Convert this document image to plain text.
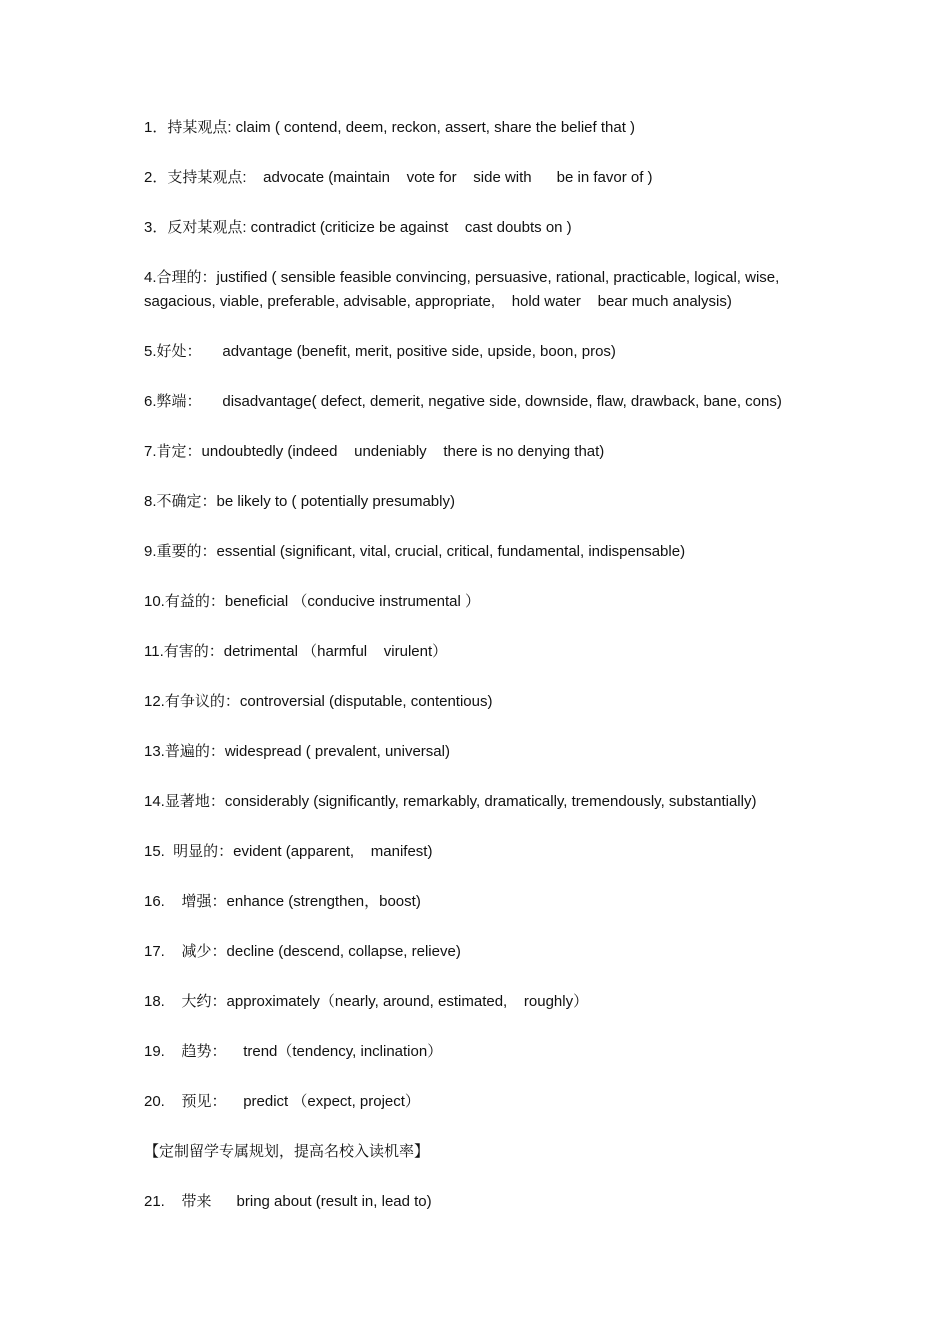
1．持某观点: claim ( contend, deem, reckon, assert, share the belief that )

2．支持某观点:    advocate (maintain    vote for    side with      be in favor of )

3．反对某观点: contradict (criticize be against    cast doubts on )

4.合理的：justified ( sensible feasible convincing, persuasive, rational, practicable, logical, wise, sagacious, viable, preferable, advisable, appropriate,    hold water    bear much analysis)

5.好处：     advantage (benefit, merit, positive side, upside, boon, pros)

6.弊端：     disadvantage( defect, demerit, negative side, downside, flaw, drawback, bane, cons)

7.肯定：undoubtedly (indeed    undeniably    there is no denying that)

8.不确定：be likely to ( potentially presumably)

9.重要的：essential (significant, vital, crucial, critical, fundamental, indispensable)

10.有益的：beneficial （conducive instrumental ）

11.有害的：detrimental （harmful    virulent）

12.有争议的：controversial (disputable, contentious)

13.普遍的：widespread ( prevalent, universal)

14.显著地：considerably (significantly, remarkably, dramatically, tremendously, substantially)

15.  明显的：evident (apparent,    manifest)

16.    增强：enhance (strengthen，boost)

17.    减少：decline (descend, collapse, relieve)

18.    大约：approximately（nearly, around, estimated,    roughly）

19.    趋势：    trend（tendency, inclination）

20.    预见：    predict （expect, project）

【定制留学专属规划，提高名校入读机率】

21.    带来      bring about (result in, lead to)
